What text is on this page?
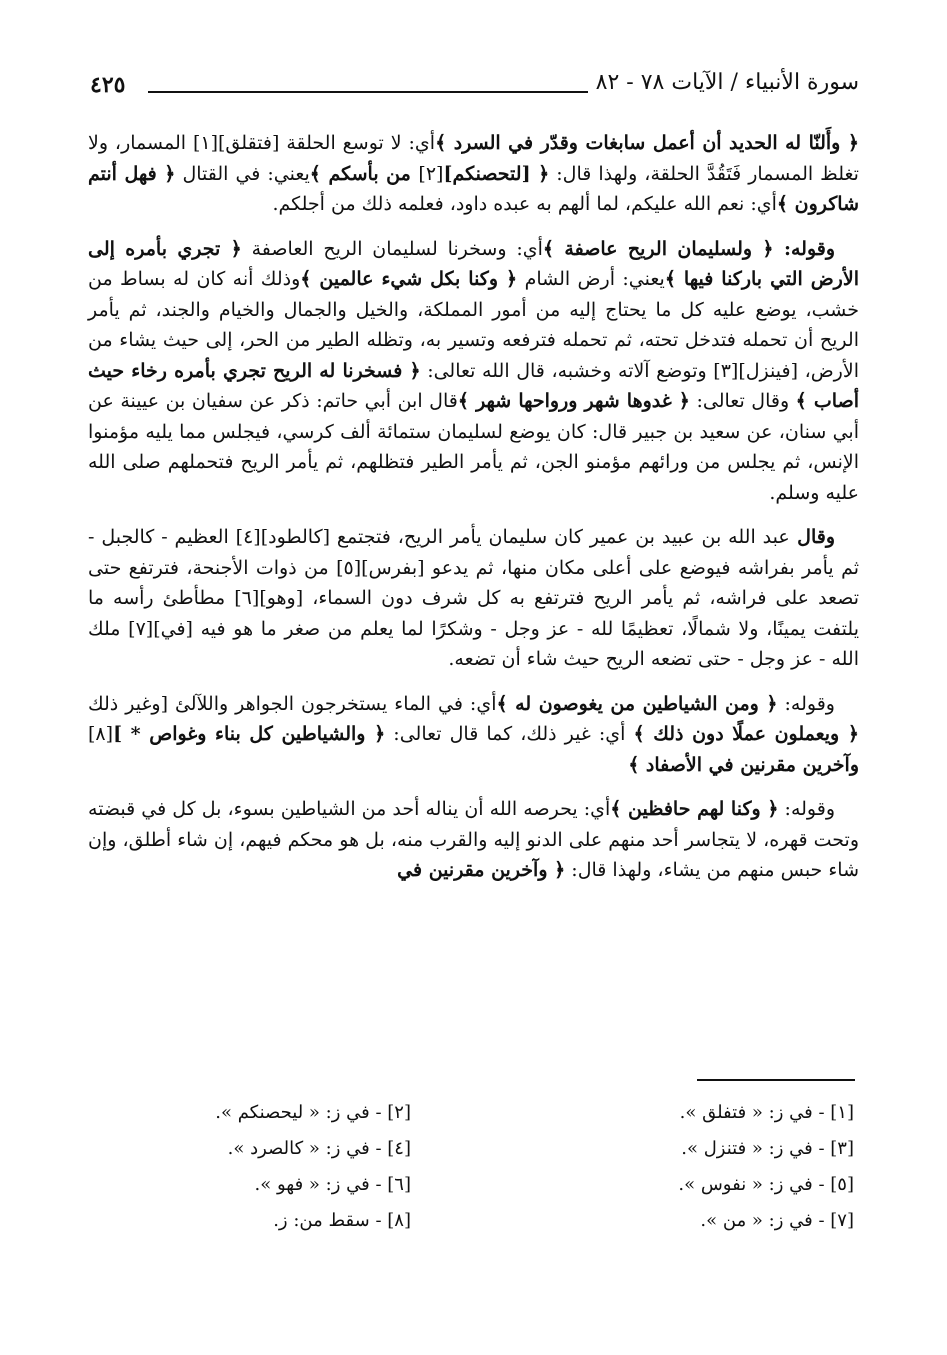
٤٢٥	سورة الأنبياء / الآيات ٧٨ - ٨٢

﴿ وأَلنّا له الحديد أن أعمل سابغات وقدّر في السرد ﴾أي: لا توسع الحلقة [فتقلق][١] المسمار، ولا تغلظ المسمار فَتَقُدَّ الحلقة، ولهذا قال: ﴿ [لتحصنكم][٢] من بأسكم ﴾يعني: في القتال ﴿ فهل أنتم شاكرون ﴾أي: نعم الله عليكم، لما ألهم به عبده داود، فعلمه ذلك من أجلكم.

وقوله: ﴿ ولسليمان الريح عاصفة ﴾أي: وسخرنا لسليمان الريح العاصفة ﴿ تجري بأمره إلى الأرض التي باركنا فيها ﴾يعني: أرض الشام ﴿ وكنا بكل شيء عالمين ﴾وذلك أنه كان له بساط من خشب، يوضع عليه كل ما يحتاج إليه من أمور المملكة، والخيل والجمال والخيام والجند، ثم يأمر الريح أن تحمله فتدخل تحته، ثم تحمله فترفعه وتسير به، وتظله الطير من الحر، إلى حيث يشاء من الأرض، [فينزل][٣] وتوضع آلاته وخشبه، قال الله تعالى: ﴿ فسخرنا له الريح تجري بأمره رخاء حيث أصاب ﴾ وقال تعالى: ﴿ غدوها شهر ورواحها شهر ﴾قال ابن أبي حاتم: ذكر عن سفيان بن عيينة عن أبي سنان، عن سعيد بن جبير قال: كان يوضع لسليمان ستمائة ألف كرسي، فيجلس مما يليه مؤمنوا الإنس، ثم يجلس من ورائهم مؤمنو الجن، ثم يأمر الطير فتظلهم، ثم يأمر الريح فتحملهم صلى الله عليه وسلم.

وقال عبد الله بن عبيد بن عمير كان سليمان يأمر الريح، فتجتمع [كالطود][٤] العظيم - كالجبل - ثم يأمر بفراشه فيوضع على أعلى مكان منها، ثم يدعو [بفرس][٥] من ذوات الأجنحة، فترتفع حتى تصعد على فراشه، ثم يأمر الريح فترتفع به كل شرف دون السماء، [وهو][٦] مطأطئ رأسه ما يلتفت يمينًا، ولا شمالًا، تعظيمًا لله - عز وجل - وشكرًا لما يعلم من صغر ما هو فيه [في][٧] ملك الله - عز وجل - حتى تضعه الريح حيث شاء أن تضعه.

وقوله: ﴿ ومن الشياطين من يغوصون له ﴾أي: في الماء يستخرجون الجواهر واللآلئ [وغير ذلك ﴿ ويعملون عملًا دون ذلك ﴾ أي: غير ذلك، كما قال تعالى: ﴿ والشياطين كل بناء وغواص * ][٨] وآخرين مقرنين في الأصفاد ﴾

وقوله: ﴿ وكنا لهم حافظين ﴾أي: يحرصه الله أن يناله أحد من الشياطين بسوء، بل كل في قبضته وتحت قهره، لا يتجاسر أحد منهم على الدنو إليه والقرب منه، بل هو محكم فيهم، إن شاء أطلق، وإن شاء حبس منهم من يشاء، ولهذا قال: ﴿ وآخرين مقرنين في

[١] - في ز: « فتفلق ».
[٢] - في ز: « ليحصنكم ».
[٣] - في ز: « فتنزل ».
[٤] - في ز: « كالصرد ».
[٥] - في ز: « نفوس ».
[٦] - في ز: « فهو ».
[٧] - في ز: « من ».
[٨] - سقط من: ز.
